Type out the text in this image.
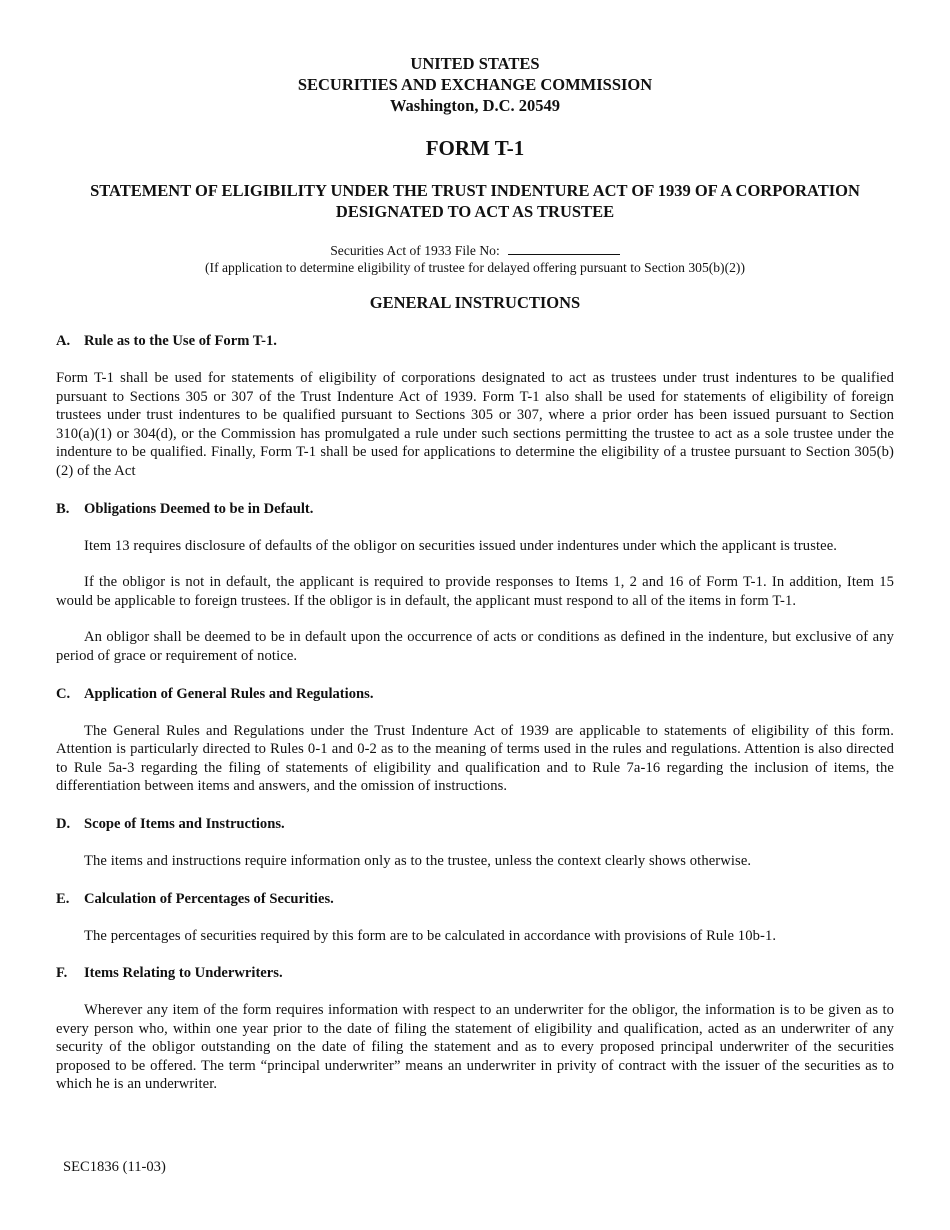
UNITED STATES
SECURITIES AND EXCHANGE COMMISSION
Washington, D.C. 20549
FORM T-1
STATEMENT OF ELIGIBILITY UNDER THE TRUST INDENTURE ACT OF 1939 OF A CORPORATION DESIGNATED TO ACT AS TRUSTEE
Securities Act of 1933 File No:
(If application to determine eligibility of trustee for delayed offering pursuant to Section 305(b)(2))
GENERAL INSTRUCTIONS
A. Rule as to the Use of Form T-1.

Form T-1 shall be used for statements of eligibility of corporations designated to act as trustees under trust indentures to be qualified pursuant to Sections 305 or 307 of the Trust Indenture Act of 1939. Form T-1 also shall be used for statements of eligibility of foreign trustees under trust indentures to be qualified pursuant to Sections 305 or 307, where a prior order has been issued pursuant to Section 310(a)(1) or 304(d), or the Commission has promulgated a rule under such sections permitting the trustee to act as a sole trustee under the indenture to be qualified. Finally, Form T-1 shall be used for applications to determine the eligibility of a trustee pursuant to Section 305(b)(2) of the Act

B.	Obligations Deemed to be in Default.

Item 13 requires disclosure of defaults of the obligor on securities issued under indentures under which the applicant is trustee.

If the obligor is not in default, the applicant is required to provide responses to Items 1, 2 and 16 of Form T-1. In addition, Item 15 would be applicable to foreign trustees. If the obligor is in default, the applicant must respond to all of the items in form T-1.

An obligor shall be deemed to be in default upon the occurrence of acts or conditions as defined in the indenture, but exclusive of any period of grace or requirement of notice.

C. Application of General Rules and Regulations.

The General Rules and Regulations under the Trust Indenture Act of 1939 are applicable to statements of eligibility of this form. Attention is particularly directed to Rules 0-1 and 0-2 as to the meaning of terms used in the rules and regulations. Attention is also directed to Rule 5a-3 regarding the filing of statements of eligibility and qualification and to Rule 7a-16 regarding the inclusion of items, the differentiation between items and answers, and the omission of instructions.

D. Scope of Items and Instructions.

The items and instructions require information only as to the trustee, unless the context clearly shows otherwise.

E.	Calculation of Percentages of Securities.

The percentages of securities required by this form are to be calculated in accordance with provisions of Rule 10b-1.

F.	Items Relating to Underwriters.

Wherever any item of the form requires information with respect to an underwriter for the obligor, the information is to be given as to every person who, within one year prior to the date of filing the statement of eligibility and qualification, acted as an underwriter of any security of the obligor outstanding on the date of filing the statement and as to every proposed principal underwriter of the securities proposed to be offered. The term “principal underwriter” means an underwriter in privity of contract with the issuer of the securities as to which he is an underwriter.

SEC1836 (11-03)
